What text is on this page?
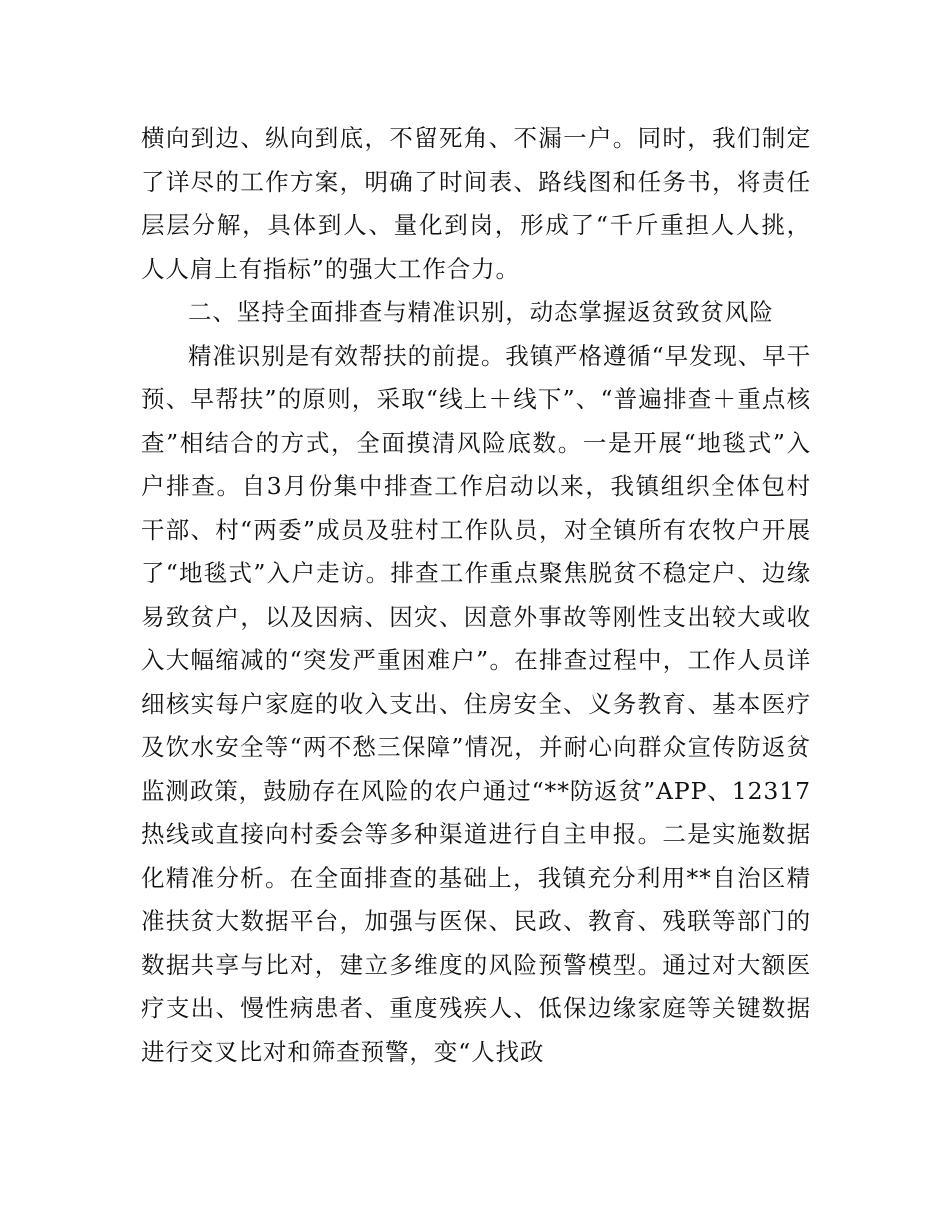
横向到边、纵向到底，不留死角、不漏一户。同时，我们制定了详尽的工作方案，明确了时间表、路线图和任务书，将责任层层分解，具体到人、量化到岗，形成了“千斤重担人人挑，人人肩上有指标”的强大工作合力。

二、坚持全面排查与精准识别，动态掌握返贫致贫风险

精准识别是有效帮扶的前提。我镇严格遵循“早发现、早干预、早帮扶”的原则，采取“线上＋线下”、“普遍排查＋重点核查”相结合的方式，全面摸清风险底数。一是开展“地毯式”入户排查。自3月份集中排查工作启动以来，我镇组织全体包村干部、村“两委”成员及驻村工作队员，对全镇所有农牧户开展了“地毯式”入户走访。排查工作重点聚焦脱贫不稳定户、边缘易致贫户，以及因病、因灾、因意外事故等刚性支出较大或收入大幅缩减的“突发严重困难户”。在排查过程中，工作人员详细核实每户家庭的收入支出、住房安全、义务教育、基本医疗及饮水安全等“两不愁三保障”情况，并耐心向群众宣传防返贫监测政策，鼓励存在风险的农户通过“**防返贫”APP、12317热线或直接向村委会等多种渠道进行自主申报。二是实施数据化精准分析。在全面排查的基础上，我镇充分利用**自治区精准扶贫大数据平台，加强与医保、民政、教育、残联等部门的数据共享与比对，建立多维度的风险预警模型。通过对大额医疗支出、慢性病患者、重度残疾人、低保边缘家庭等关键数据进行交叉比对和筛查预警，变“人找政
